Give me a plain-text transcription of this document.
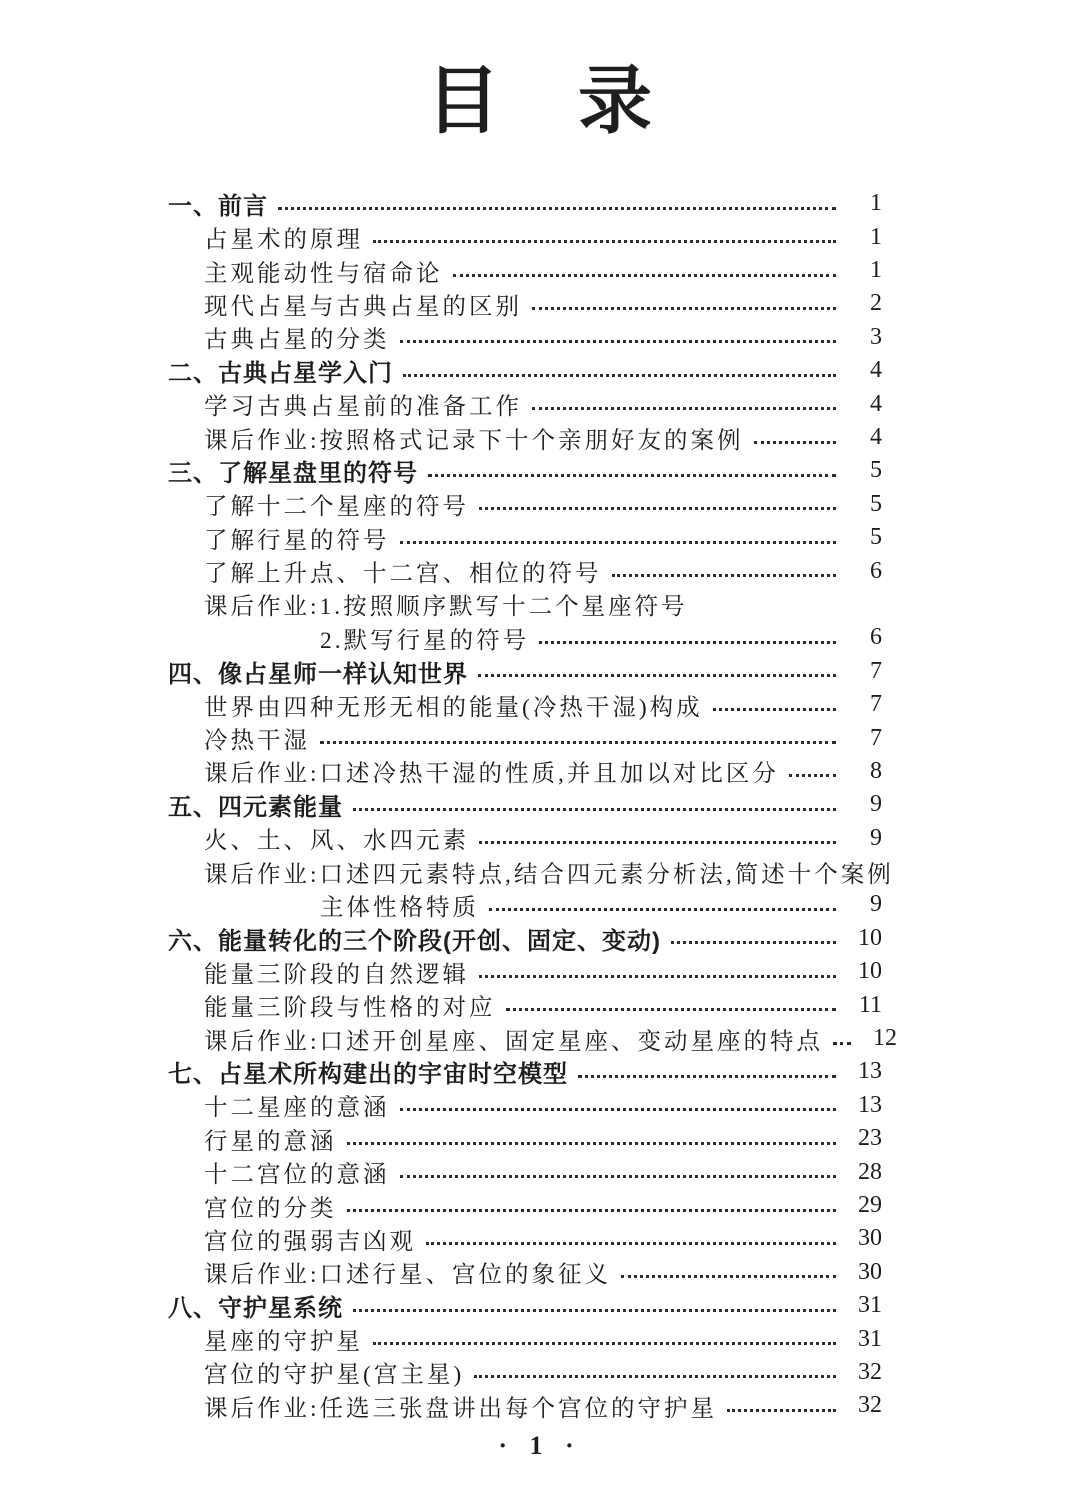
目　录
一、前言	1
占星术的原理	1
主观能动性与宿命论	1
现代占星与古典占星的区别	2
古典占星的分类	3
二、古典占星学入门	4
学习古典占星前的准备工作	4
课后作业:按照格式记录下十个亲朋好友的案例	4
三、了解星盘里的符号	5
了解十二个星座的符号	5
了解行星的符号	5
了解上升点、十二宫、相位的符号	6
课后作业:1.按照顺序默写十二个星座符号
2.默写行星的符号	6
四、像占星师一样认知世界	7
世界由四种无形无相的能量(冷热干湿)构成	7
冷热干湿	7
课后作业:口述冷热干湿的性质,并且加以对比区分	8
五、四元素能量	9
火、土、风、水四元素	9
课后作业:口述四元素特点,结合四元素分析法,简述十个案例
主体性格特质	9
六、能量转化的三个阶段(开创、固定、变动)	10
能量三阶段的自然逻辑	10
能量三阶段与性格的对应	11
课后作业:口述开创星座、固定星座、变动星座的特点	12
七、占星术所构建出的宇宙时空模型	13
十二星座的意涵	13
行星的意涵	23
十二宫位的意涵	28
宫位的分类	29
宫位的强弱吉凶观	30
课后作业:口述行星、宫位的象征义	30
八、守护星系统	31
星座的守护星	31
宫位的守护星(宫主星)	32
课后作业:任选三张盘讲出每个宫位的守护星	32
· 1 ·
